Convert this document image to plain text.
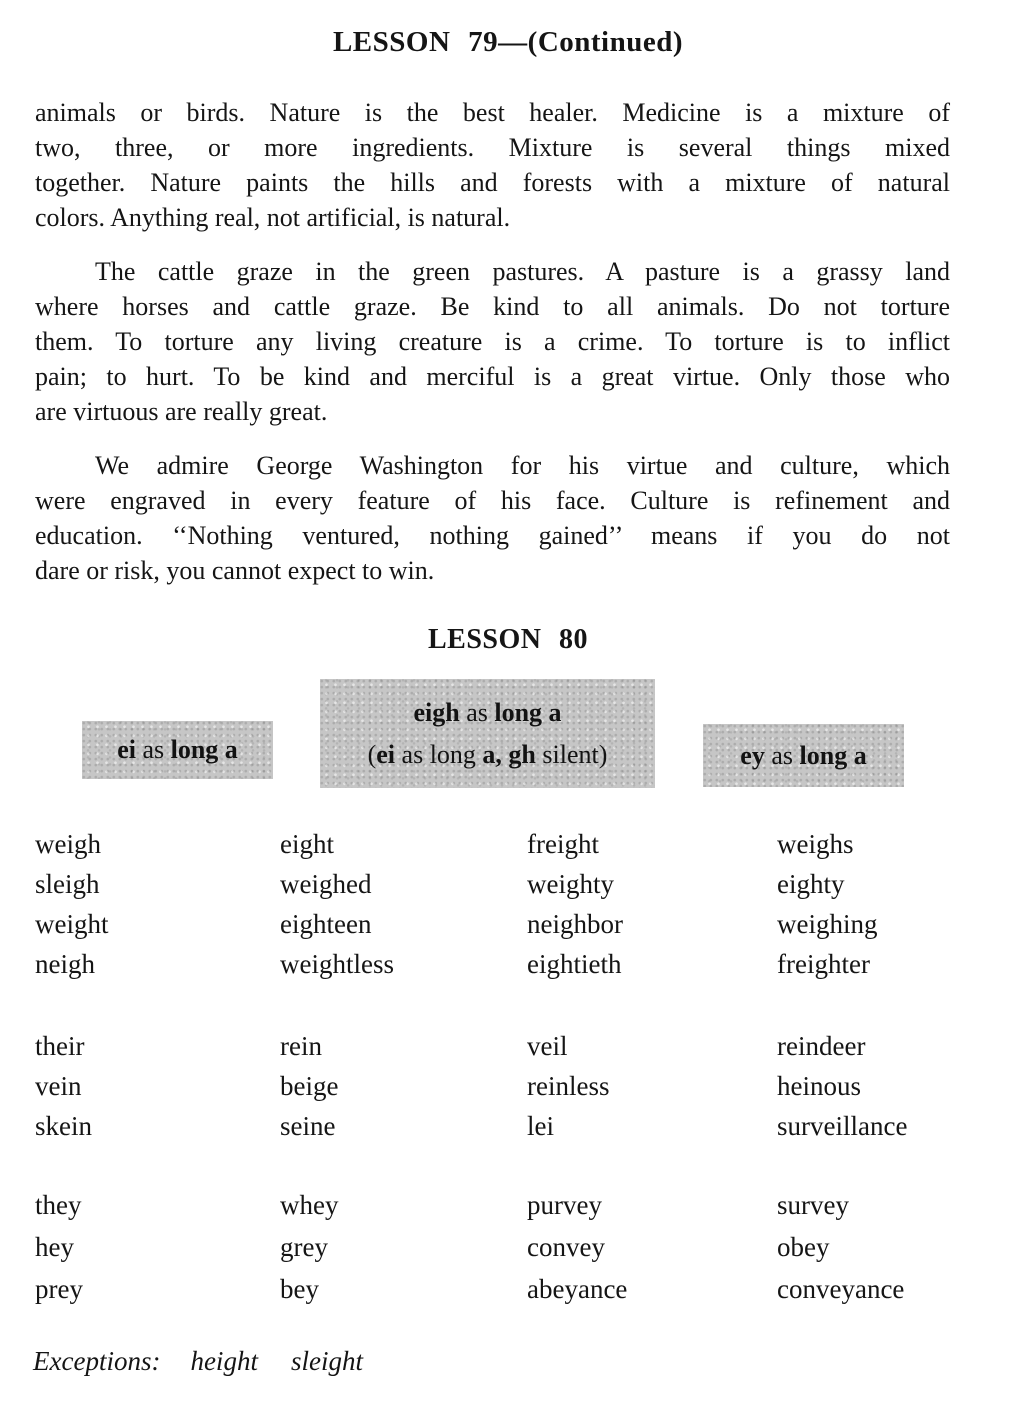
LESSON 79—(Continued)
animals or birds. Nature is the best healer. Medicine is a mixture of
two, three, or more ingredients. Mixture is several things mixed
together. Nature paints the hills and forests with a mixture of natural
colors. Anything real, not artificial, is natural.
The cattle graze in the green pastures. A pasture is a grassy land
where horses and cattle graze. Be kind to all animals. Do not torture
them. To torture any living creature is a crime. To torture is to inflict
pain; to hurt. To be kind and merciful is a great virtue. Only those who
are virtuous are really great.
We admire George Washington for his virtue and culture, which
were engraved in every feature of his face. Culture is refinement and
education. ‘‘Nothing ventured, nothing gained’’ means if you do not
dare or risk, you cannot expect to win.
LESSON 80
ei as long a
eigh as long a
(ei as long a, gh silent)	ey as long a
weigh	eight	freight	weighs
sleigh	weighed	weighty	eighty
weight	eighteen	neighbor	weighing
neigh	weightless	eightieth	freighter
their	rein	veil	reindeer
vein	beige	reinless	heinous
skein	seine	lei	surveillance
they	whey	purvey	survey
hey	grey	convey	obey
prey	bey	abeyance	conveyance
Exceptions: height sleight
